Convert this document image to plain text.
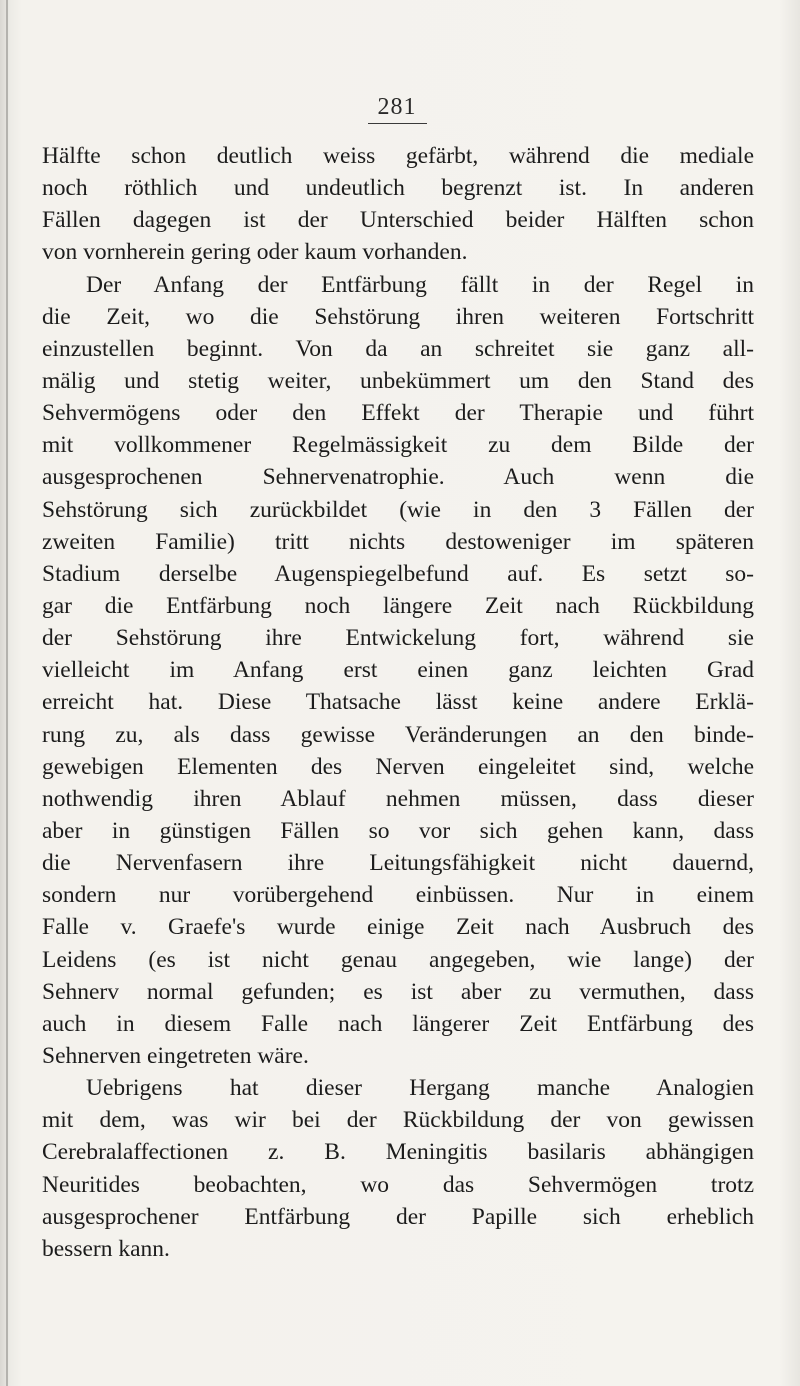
281
Hälfte schon deutlich weiss gefärbt, während die mediale
noch röthlich und undeutlich begrenzt ist. In anderen
Fällen dagegen ist der Unterschied beider Hälften schon
von vornherein gering oder kaum vorhanden.
Der Anfang der Entfärbung fällt in der Regel in
die Zeit, wo die Sehstörung ihren weiteren Fortschritt
einzustellen beginnt. Von da an schreitet sie ganz all-
mälig und stetig weiter, unbekümmert um den Stand des
Sehvermögens oder den Effekt der Therapie und führt
mit vollkommener Regelmässigkeit zu dem Bilde der
ausgesprochenen Sehnervenatrophie. Auch wenn die
Sehstörung sich zurückbildet (wie in den 3 Fällen der
zweiten Familie) tritt nichts destoweniger im späteren
Stadium derselbe Augenspiegelbefund auf. Es setzt so-
gar die Entfärbung noch längere Zeit nach Rückbildung
der Sehstörung ihre Entwickelung fort, während sie
vielleicht im Anfang erst einen ganz leichten Grad
erreicht hat. Diese Thatsache lässt keine andere Erklä-
rung zu, als dass gewisse Veränderungen an den binde-
gewebigen Elementen des Nerven eingeleitet sind, welche
nothwendig ihren Ablauf nehmen müssen, dass dieser
aber in günstigen Fällen so vor sich gehen kann, dass
die Nervenfasern ihre Leitungsfähigkeit nicht dauernd,
sondern nur vorübergehend einbüssen. Nur in einem
Falle v. Graefe's wurde einige Zeit nach Ausbruch des
Leidens (es ist nicht genau angegeben, wie lange) der
Sehnerv normal gefunden; es ist aber zu vermuthen, dass
auch in diesem Falle nach längerer Zeit Entfärbung des
Sehnerven eingetreten wäre.
Uebrigens hat dieser Hergang manche Analogien
mit dem, was wir bei der Rückbildung der von gewissen
Cerebralaffectionen z. B. Meningitis basilaris abhängigen
Neuritides beobachten, wo das Sehvermögen trotz
ausgesprochener Entfärbung der Papille sich erheblich
bessern kann.
